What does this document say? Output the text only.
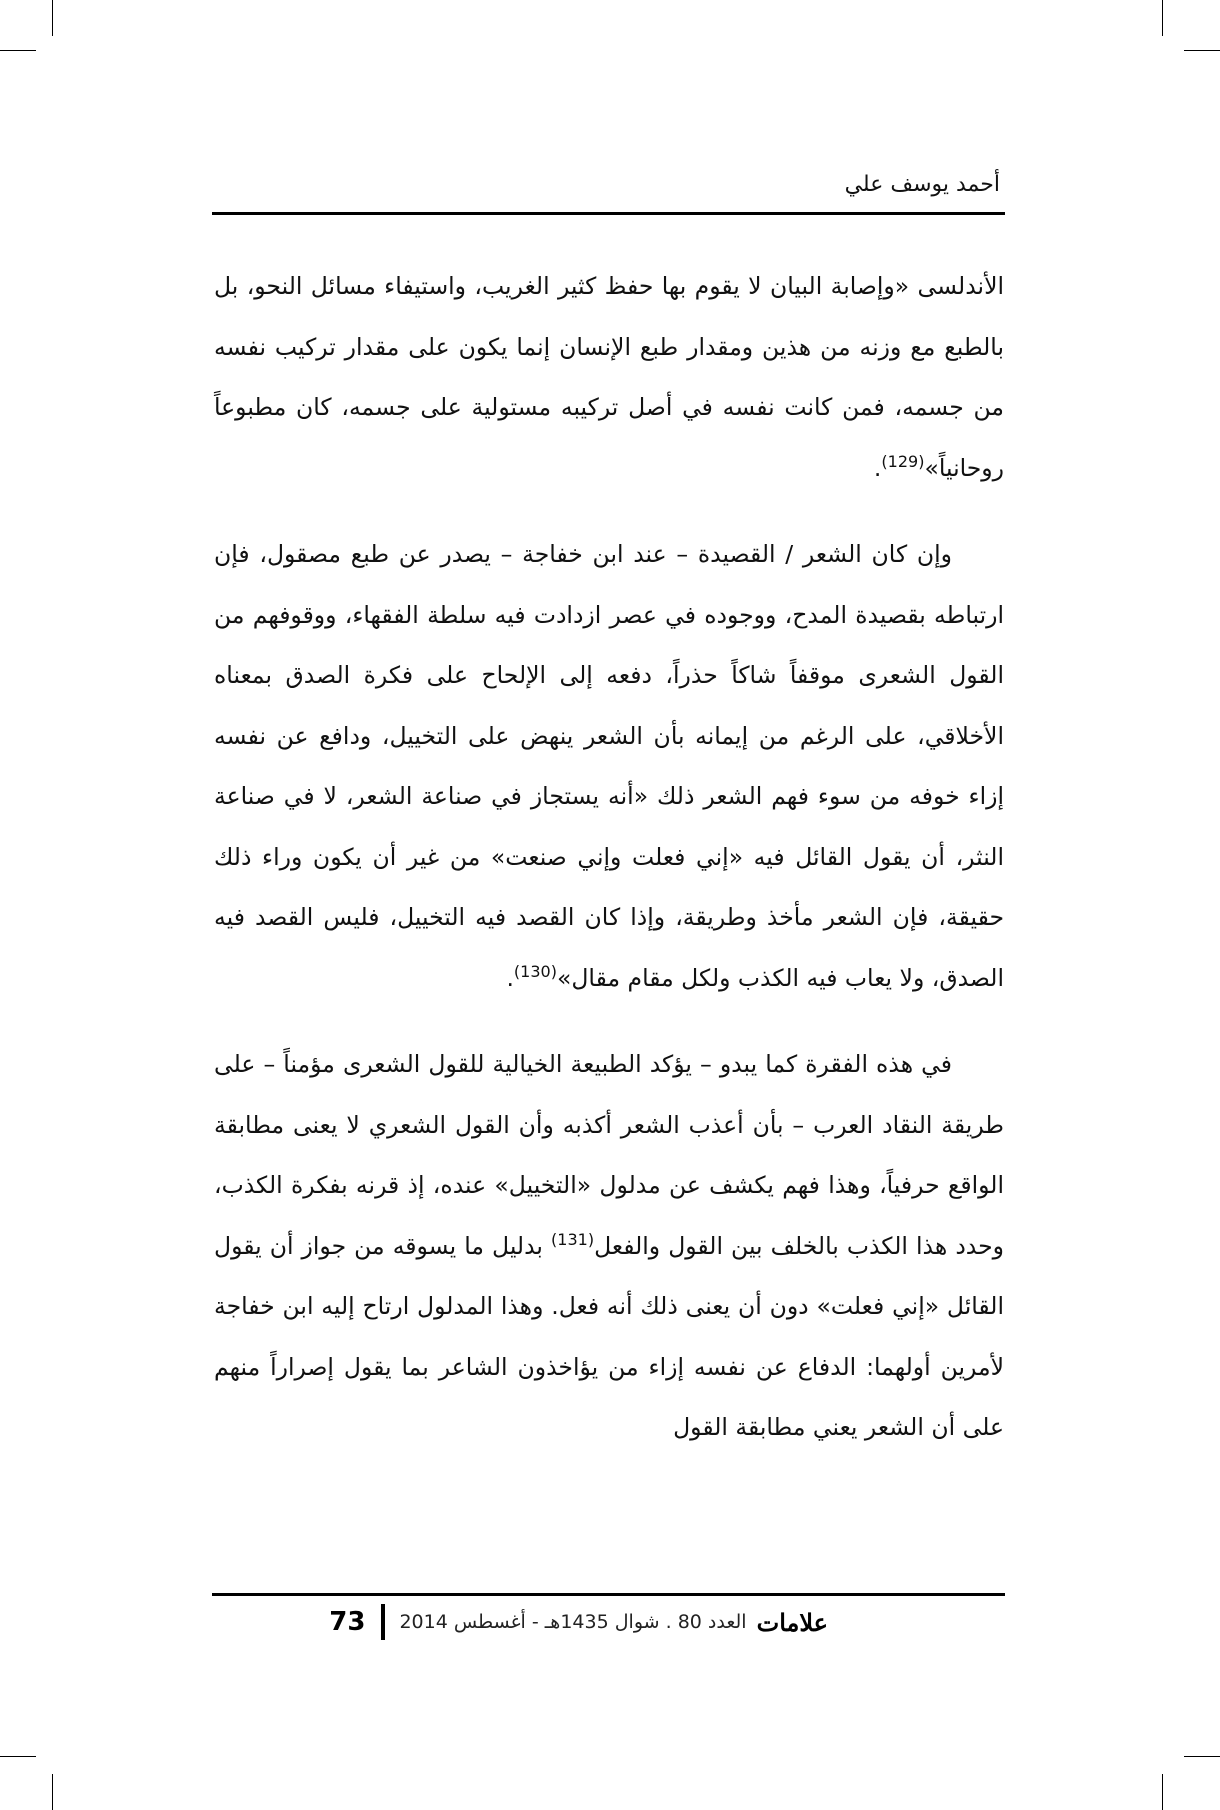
أحمد يوسف علي

الأندلسى «وإصابة البيان لا يقوم بها حفظ كثير الغريب، واستيفاء مسائل النحو، بل بالطبع مع وزنه من هذين ومقدار طبع الإنسان إنما يكون على مقدار تركيب نفسه من جسمه، فمن كانت نفسه في أصل تركيبه مستولية على جسمه، كان مطبوعاً روحانياً»$^{(129)}$.

وإن كان الشعر / القصيدة – عند ابن خفاجة – يصدر عن طبع مصقول، فإن ارتباطه بقصيدة المدح، ووجوده في عصر ازدادت فيه سلطة الفقهاء، ووقوفهم من القول الشعرى موقفاً شاكاً حذراً، دفعه إلى الإلحاح على فكرة الصدق بمعناه الأخلاقي، على الرغم من إيمانه بأن الشعر ينهض على التخييل، ودافع عن نفسه إزاء خوفه من سوء فهم الشعر ذلك «أنه يستجاز في صناعة الشعر، لا في صناعة النثر، أن يقول القائل فيه «إني فعلت وإني صنعت» من غير أن يكون وراء ذلك حقيقة، فإن الشعر مأخذ وطريقة، وإذا كان القصد فيه التخييل، فليس القصد فيه الصدق، ولا يعاب فيه الكذب ولكل مقام مقال»$^{(130)}$.

في هذه الفقرة كما يبدو – يؤكد الطبيعة الخيالية للقول الشعرى مؤمناً – على طريقة النقاد العرب – بأن أعذب الشعر أكذبه وأن القول الشعري لا يعنى مطابقة الواقع حرفياً، وهذا فهم يكشف عن مدلول «التخييل» عنده، إذ قرنه بفكرة الكذب، وحدد هذا الكذب بالخلف بين القول والفعل$^{(131)}$ بدليل ما يسوقه من جواز أن يقول القائل «إني فعلت» دون أن يعنى ذلك أنه فعل. وهذا المدلول ارتاح إليه ابن خفاجة لأمرين أولهما: الدفاع عن نفسه إزاء من يؤاخذون الشاعر بما يقول إصراراً منهم على أن الشعر يعني مطابقة القول

علامات
العدد 80 . شوال 1435هـ - أغسطس 2014
73
